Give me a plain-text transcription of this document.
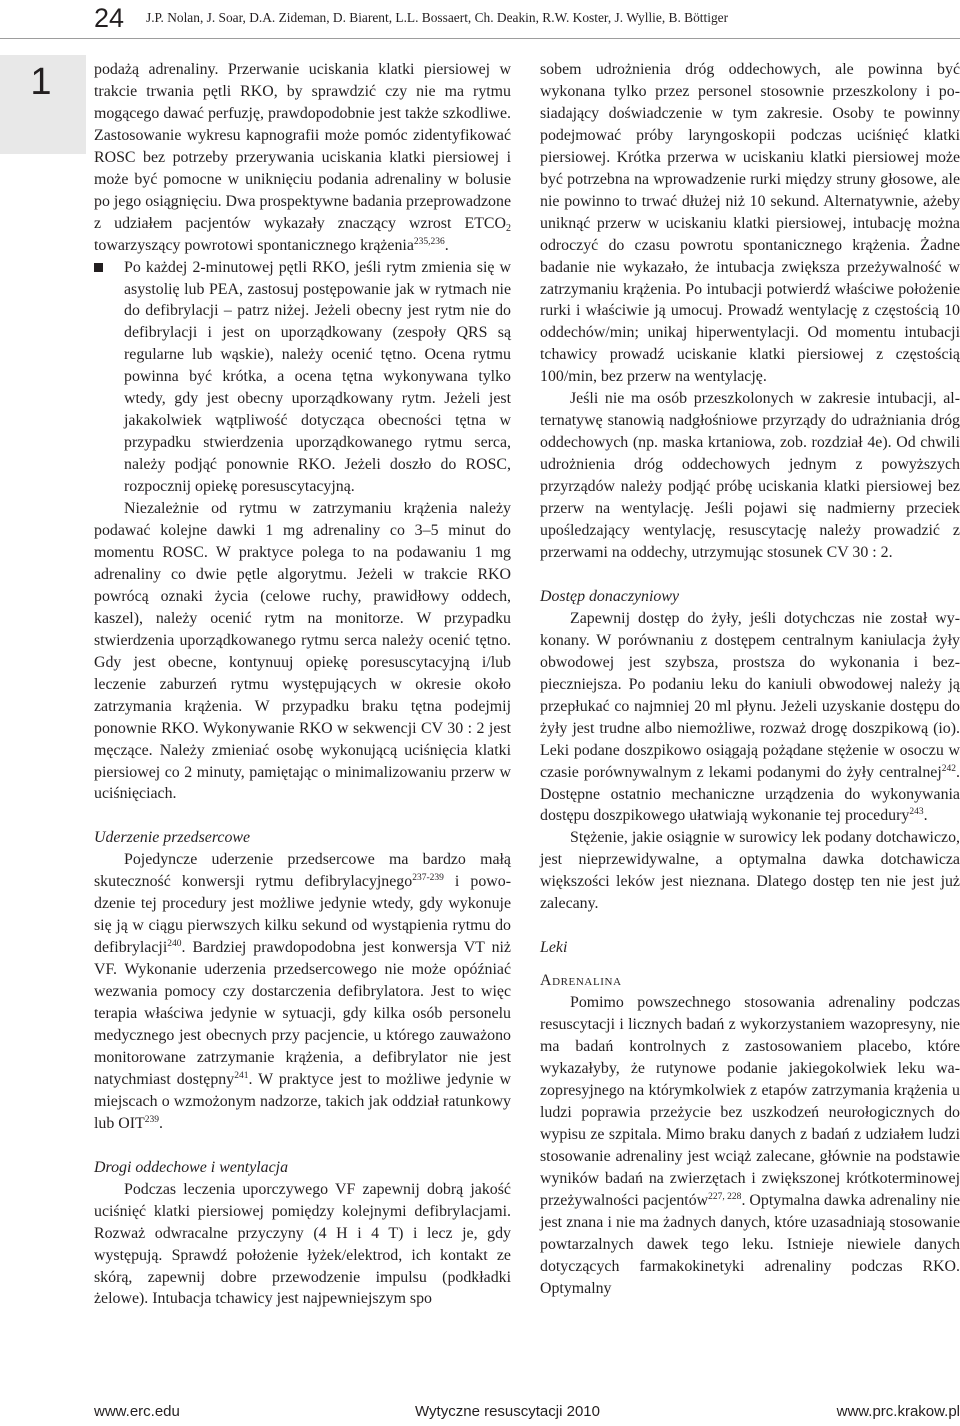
24 J.P. Nolan, J. Soar, D.A. Zideman, D. Biarent, L.L. Bossaert, Ch. Deakin, R.W. Koster, J. Wyllie, B. Böttiger
1	podażą adrenaliny. Przerwanie uciskania klatki piersiowej w trakcie trwania pętli RKO, by sprawdzić czy nie ma rytmu mogącego dawać perfuzję, prawdopodobnie jest także szkodliwe. Zastosowanie wykresu kapnografii może pomóc zidentyfikować ROSC bez potrzeby przerywania uciskania klatki piersiowej i może być pomocne w uniknięciu podania adrenaliny w bolusie po jego osiągnięciu. Dwa prospektywne badania przeprowadzone z udziałem pacjentów wykazały znaczący wzrost $ETCO_2$ towarzyszący powrotowi spontanicznego krążenia$^{235,236}$.

Po każdej 2-minutowej pętli RKO, jeśli rytm zmienia się w asystolię lub PEA, zastosuj postępowanie jak w rytmach nie do defibrylacji – patrz niżej. Jeżeli obecny jest rytm nie do defibrylacji i jest on uporządkowany (zespoły QRS są regularne lub wąskie), należy ocenić tętno. Ocena rytmu powinna być krótka, a ocena tętna wykonywana tylko wtedy, gdy jest obecny uporządkowany rytm. Jeżeli jest jakakolwiek wątpliwość dotycząca obecności tętna w przypadku stwierdzenia uporządkowanego rytmu serca, należy podjąć ponownie RKO. Jeżeli doszło do ROSC, rozpocznij opiekę poresuscytacyjną.

Niezależnie od rytmu w zatrzymaniu krążenia należy podawać kolejne dawki 1 mg adrenaliny co 3–5 minut do momentu ROSC. W praktyce polega to na podawaniu 1 mg adrenaliny co dwie pętle algorytmu. Jeżeli w trakcie RKO powrócą oznaki życia (celowe ruchy, prawidłowy oddech, kaszel), należy ocenić rytm na monitorze. W przypadku stwierdzenia uporządkowanego rytmu serca należy ocenić tętno. Gdy jest obecne, kontynuuj opiekę poresuscytacyjną i/lub leczenie zaburzeń rytmu występujących w okresie około zatrzymania krążenia. W przypadku braku tętna podejmij ponownie RKO. Wykonywanie RKO w sekwencji CV 30 : 2 jest męczące. Należy zmieniać osobę wykonującą uciśnięcia klatki piersiowej co 2 minuty, pamiętając o minimalizowaniu przerw w uciśnięciach.

Uderzenie przedsercowe

Pojedyncze uderzenie przedsercowe ma bardzo małą skuteczność konwersji rytmu defibrylacyjnego$^{237-239}$ i powodzenie tej procedury jest możliwe jedynie wtedy, gdy wykonuje się ją w ciągu pierwszych kilku sekund od wystąpienia rytmu do defibrylacji$^{240}$. Bardziej prawdopodobna jest konwersja VT niż VF. Wykonanie uderzenia przedsercowego nie może opóźniać wezwania pomocy czy dostarczenia defibrylatora. Jest to więc terapia właściwa jedynie w sytuacji, gdy kilka osób personelu medycznego jest obecnych przy pacjencie, u którego zauważono monitorowane zatrzymanie krążenia, a defibrylator nie jest natychmiast dostępny$^{241}$. W praktyce jest to możliwe jedynie w miejscach o wzmożonym nadzorze, takich jak oddział ratunkowy lub OIT$^{239}$.

Drogi oddechowe i wentylacja

Podczas leczenia uporczywego VF zapewnij dobrą jakość uciśnięć klatki piersiowej pomiędzy kolejnymi defibrylacjami. Rozważ odwracalne przyczyny (4 H i 4 T) i lecz je, gdy występują. Sprawdź położenie łyżek/elektrod, ich kontakt ze skórą, zapewnij dobre przewodzenie impulsu (podkładki żelowe). Intubacja tchawicy jest najpewniejszym spo

sobem udrożnienia dróg oddechowych, ale powinna być wykonana tylko przez personel stosownie przeszkolony i posiadający doświadczenie w tym zakresie. Osoby te powinny podejmować próby laryngoskopii podczas uciśnięć klatki piersiowej. Krótka przerwa w uciskaniu klatki piersiowej może być potrzebna na wprowadzenie rurki między struny głosowe, ale nie powinno to trwać dłużej niż 10 sekund. Alternatywnie, ażeby uniknąć przerw w uciskaniu klatki piersiowej, intubację można odroczyć do czasu powrotu spontanicznego krążenia. Żadne badanie nie wykazało, że intubacja zwiększa przeżywalność w zatrzymaniu krążenia. Po intubacji potwierdź właściwe położenie rurki i właściwie ją umocuj. Prowadź wentylację z częstością 10 oddechów/min; unikaj hiperwentylacji. Od momentu intubacji tchawicy prowadź uciskanie klatki piersiowej z częstością 100/min, bez przerw na wentylację.

Jeśli nie ma osób przeszkolonych w zakresie intubacji, alternatywę stanowią nadgłośniowe przyrządy do udrażniania dróg oddechowych (np. maska krtaniowa, zob. rozdział 4e). Od chwili udrożnienia dróg oddechowych jednym z powyższych przyrządów należy podjąć próbę uciskania klatki piersiowej bez przerw na wentylację. Jeśli pojawi się nadmierny przeciek upośledzający wentylację, resuscytację należy prowadzić z przerwami na oddechy, utrzymując stosunek CV 30 : 2.

Dostęp donaczyniowy

Zapewnij dostęp do żyły, jeśli dotychczas nie został wykonany. W porównaniu z dostępem centralnym kaniulacja żyły obwodowej jest szybsza, prostsza do wykonania i bezpieczniejsza. Po podaniu leku do kaniuli obwodowej należy ją przepłukać co najmniej 20 ml płynu. Jeżeli uzyskanie dostępu do żyły jest trudne albo niemożliwe, rozważ drogę doszpikową (io). Leki podane doszpikowo osiągają pożądane stężenie w osoczu w czasie porównywalnym z lekami podanymi do żyły centralnej$^{242}$. Dostępne ostatnio mechaniczne urządzenia do wykonywania dostępu doszpikowego ułatwiają wykonanie tej procedury$^{243}$.

Stężenie, jakie osiągnie w surowicy lek podany dotchawiczo, jest nieprzewidywalne, a optymalna dawka dotchawicza większości leków jest nieznana. Dlatego dostęp ten nie jest już zalecany.

Leki

Adrenalina

Pomimo powszechnego stosowania adrenaliny podczas resuscytacji i licznych badań z wykorzystaniem wazopresyny, nie ma badań kontrolnych z zastosowaniem placebo, które wykazałyby, że rutynowe podanie jakiegokolwiek leku wazopresyjnego na którymkolwiek z etapów zatrzymania krążenia u ludzi poprawia przeżycie bez uszkodzeń neurołogicznych do wypisu ze szpitala. Mimo braku danych z badań z udziałem ludzi stosowanie adrenaliny jest wciąż zalecane, głównie na podstawie wyników badań na zwierzętach i zwiększonej krótkoterminowej przeżywalności pacjentów$^{227, 228}$. Optymalna dawka adrenaliny nie jest znana i nie ma żadnych danych, które uzasadniają stosowanie powtarzalnych dawek tego leku. Istnieje niewiele danych dotyczących farmakokinetyki adrenaliny podczas RKO. Optymalny

www.erc.edu	Wytyczne resuscytacji 2010	www.prc.krakow.pl
